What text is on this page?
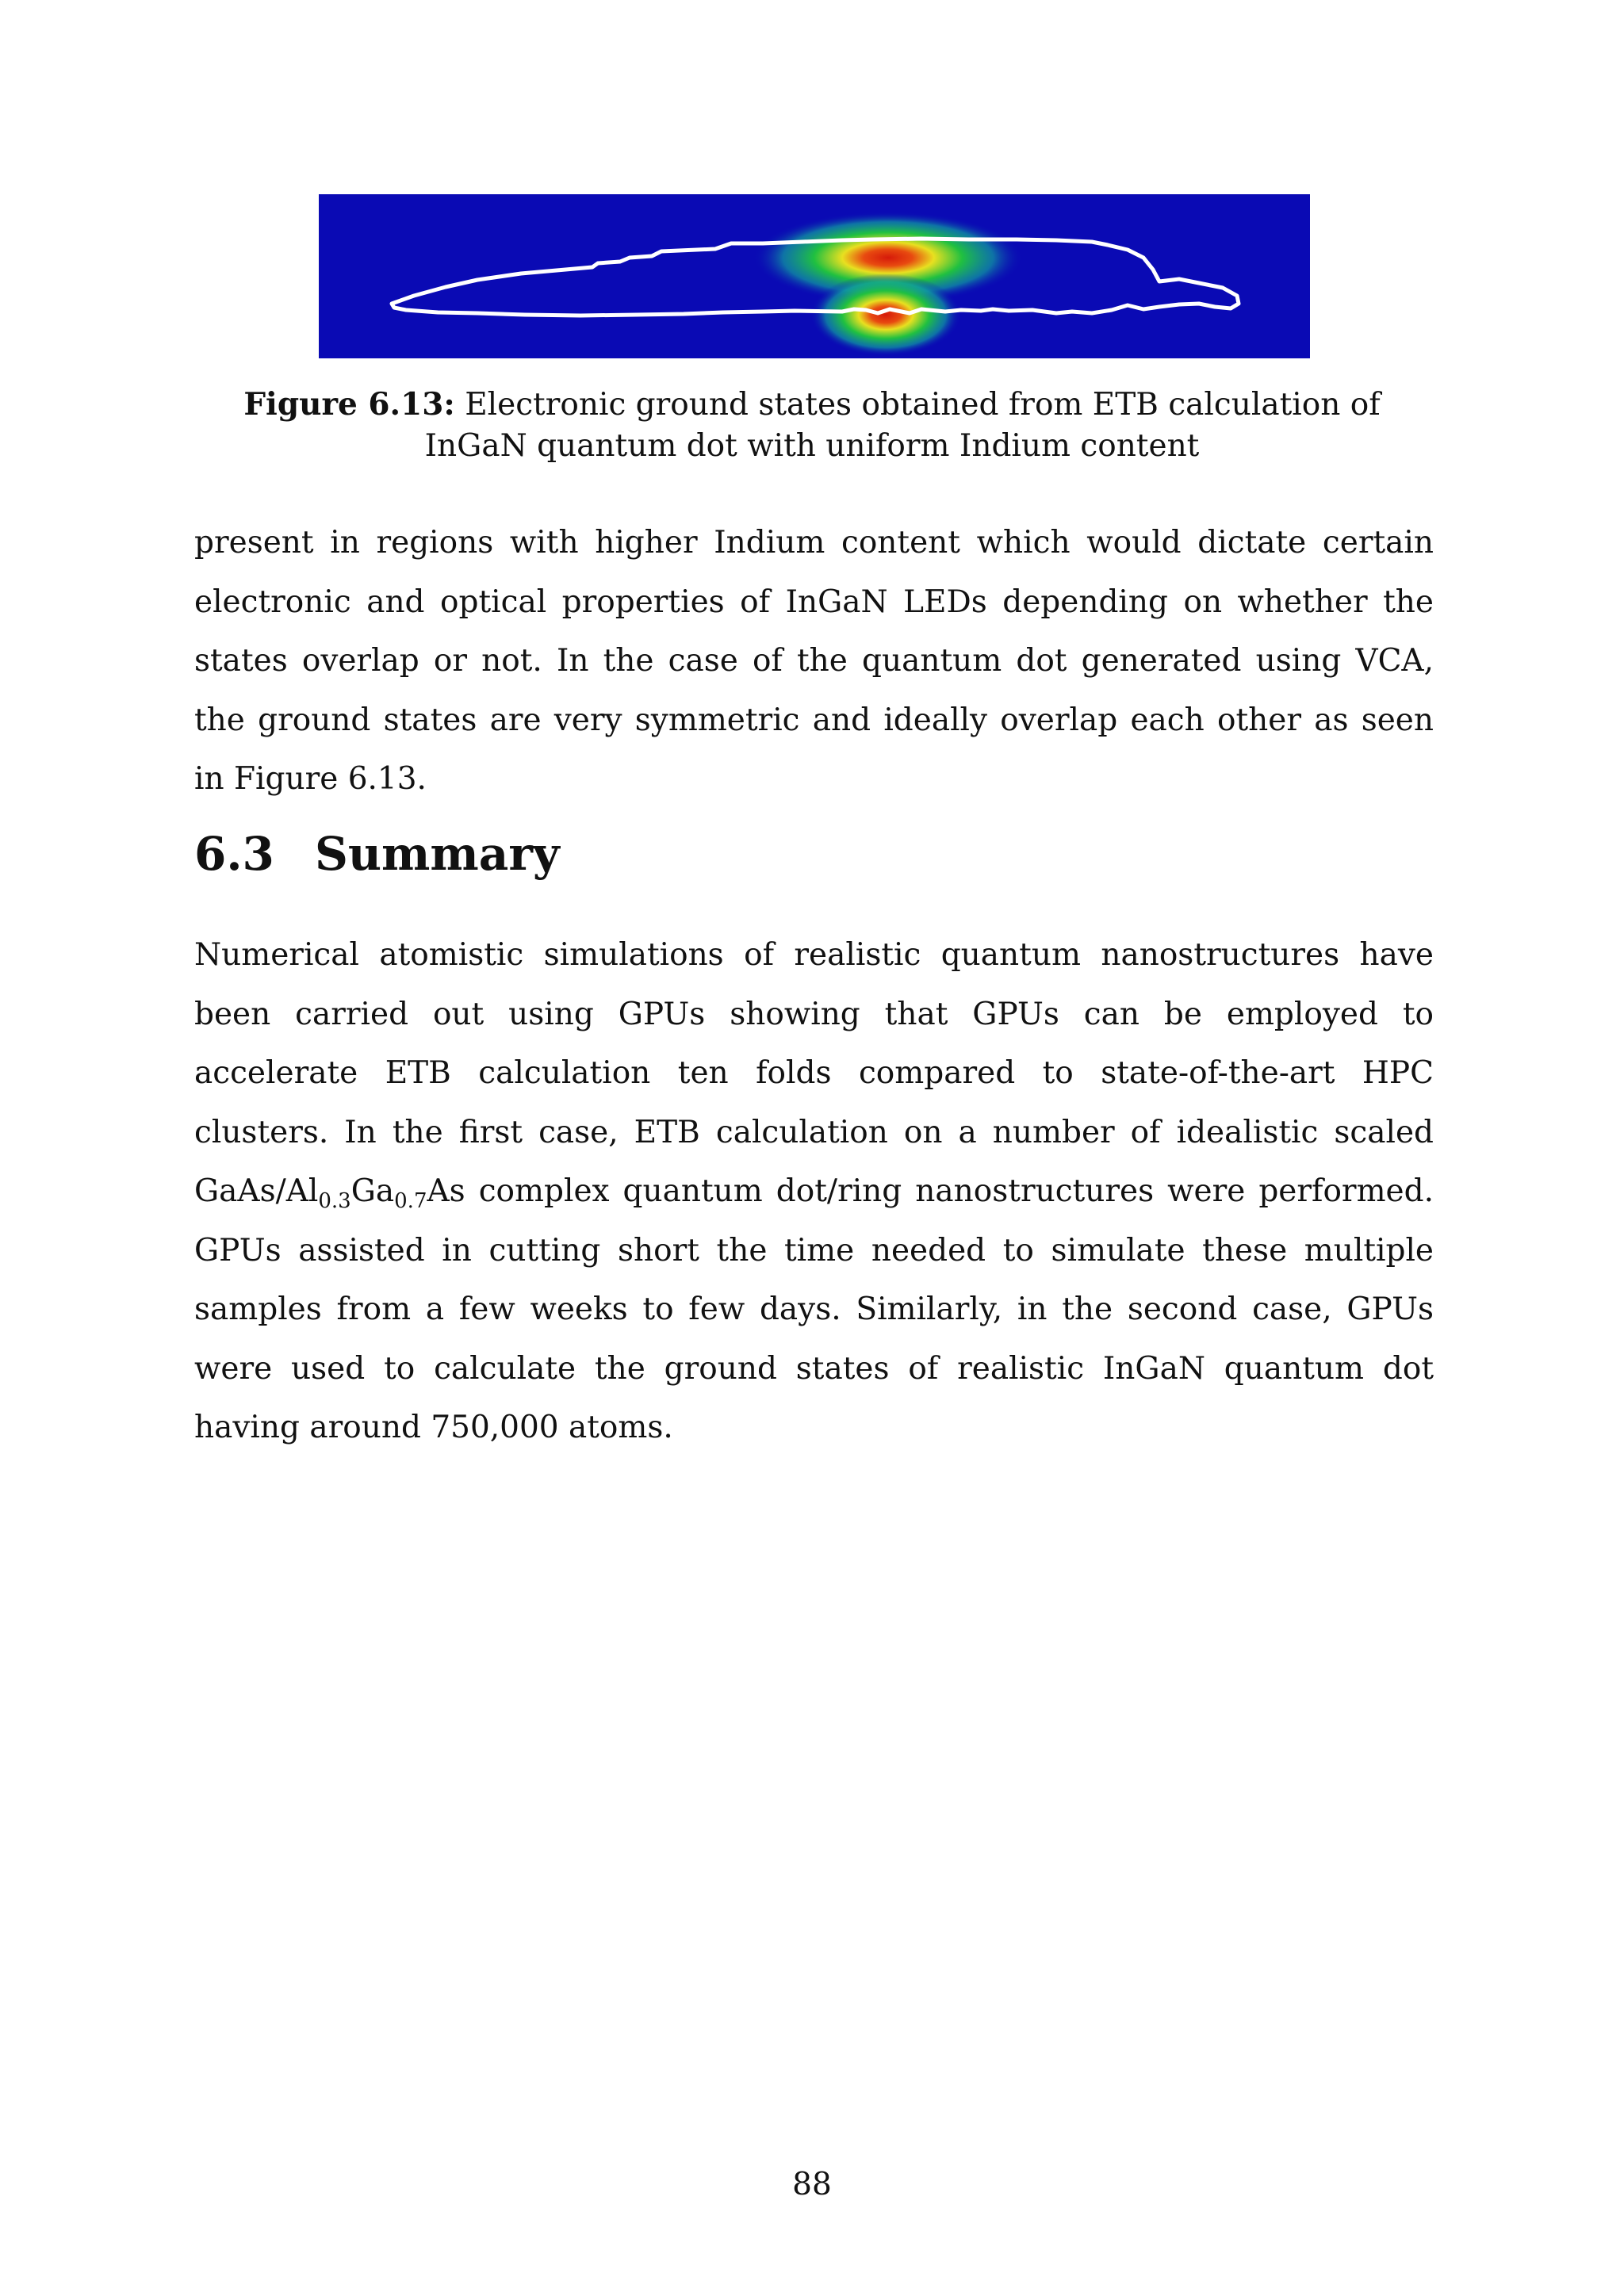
Figure 6.13: Electronic ground states obtained from ETB calculation of InGaN quantum dot with uniform Indium content

present in regions with higher Indium content which would dictate certain electronic and optical properties of InGaN LEDs depending on whether the states overlap or not. In the case of the quantum dot generated using VCA, the ground states are very symmetric and ideally overlap each other as seen in Figure 6.13.

6.3 Summary

Numerical atomistic simulations of realistic quantum nanostructures have been carried out using GPUs showing that GPUs can be employed to accelerate ETB calculation ten folds compared to state-of-the-art HPC clusters. In the first case, ETB calculation on a number of idealistic scaled GaAs/$Al_{0.3}Ga_{0.7}As$ complex quantum dot/ring nanostructures were performed. GPUs assisted in cutting short the time needed to simulate these multiple samples from a few weeks to few days. Similarly, in the second case, GPUs were used to calculate the ground states of realistic InGaN quantum dot having around 750,000 atoms.

88
